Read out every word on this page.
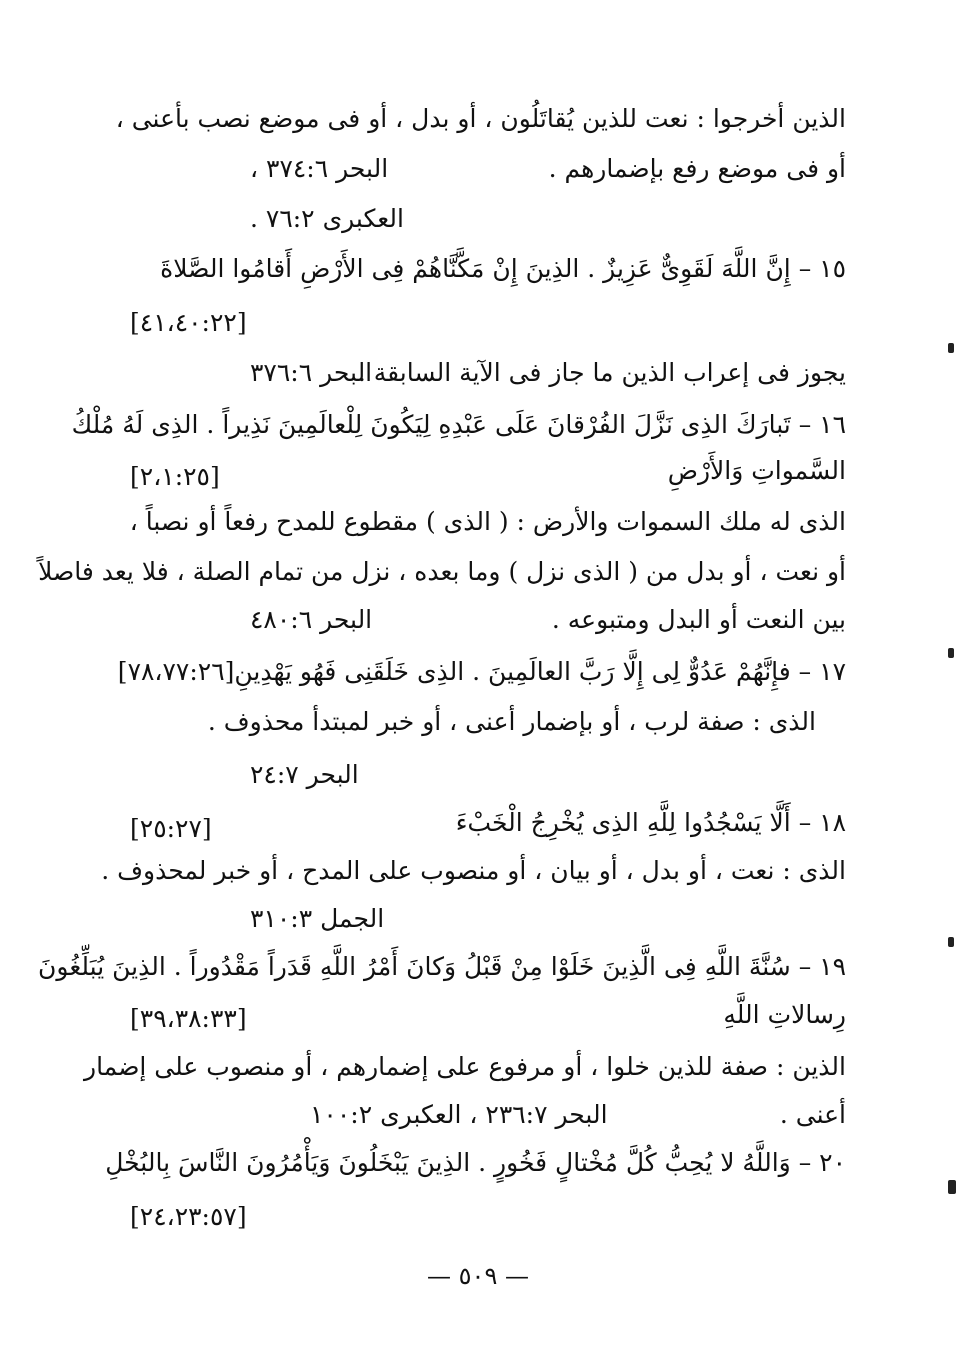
الذين أخرجوا : نعت للذين يُقاتَلُون ، أو بدل ، أو فى موضع نصب بأعنى ،
أو فى موضع رفع بإضمارهم .
البحر ٣٧٤:٦ ،
العكبرى ٧٦:٢ .
١٥ – إِنَّ اللَّهَ لَقَوِىٌّ عَزِيزٌ . الذِينَ إِنْ مَكَّنَّاهُمْ فِى الأَرْضِ أَقامُوا الصَّلاةَ
[٤١،٤٠:٢٢]
يجوز فى إعراب الذين ما جاز فى الآية السابقة .
البحر ٣٧٦:٦
١٦ – تَبارَكَ الذِى نَزَّلَ الفُرْقانَ عَلَى عَبْدِهِ لِيَكُونَ لِلْعالَمِينَ نَذِيراً . الذِى لَهُ مُلْكُ
السَّمواتِ وَالأَرْضِ
[٢،١:٢٥]
الذى له ملك السموات والأرض : ( الذى ) مقطوع للمدح رفعاً أو نصباً ،
أو نعت ، أو بدل من ( الذى نزل ) وما بعده ، نزل من تمام الصلة ، فلا يعد فاصلاً
بين النعت أو البدل ومتبوعه .
البحر ٤٨٠:٦
١٧ – فإِنَّهُمْ عَدُوٌّ لِى إِلَّا رَبَّ العالَمِينَ . الذِى خَلَقَنِى فَهُو يَهْدِينِ[٧٨،٧٧:٢٦]
الذى : صفة لرب ، أو بإضمار أعنى ، أو خبر لمبتدأ محذوف .
البحر ٢٤:٧
١٨ – أَلَّا يَسْجُدُوا لِلَّهِ الذِى يُخْرِجُ الْخَبْءَ
[٢٥:٢٧]
الذى : نعت ، أو بدل ، أو بيان ، أو منصوب على المدح ، أو خبر لمحذوف .
الجمل ٣١٠:٣
١٩ – سُنَّةَ اللَّهِ فِى الَّذِينَ خَلَوْا مِنْ قَبْلُ وَكانَ أَمْرُ اللَّهِ قَدَراً مَقْدُوراً . الذِينَ يُبَلِّغُونَ
رِسالاتِ اللَّهِ
[٣٩،٣٨:٣٣]
الذين : صفة للذين خلوا ، أو مرفوع على إضمارهم ، أو منصوب على إضمار
أعنى .
البحر ٢٣٦:٧ ، العكبرى ١٠٠:٢
٢٠ – وَاللَّهُ لا يُحِبُّ كُلَّ مُخْتالٍ فَخُورٍ . الذِينَ يَبْخَلُونَ وَيَأْمُرُونَ النَّاسَ بِالبُخْلِ
[٢٤،٢٣:٥٧]
— ٥٠٩ —
